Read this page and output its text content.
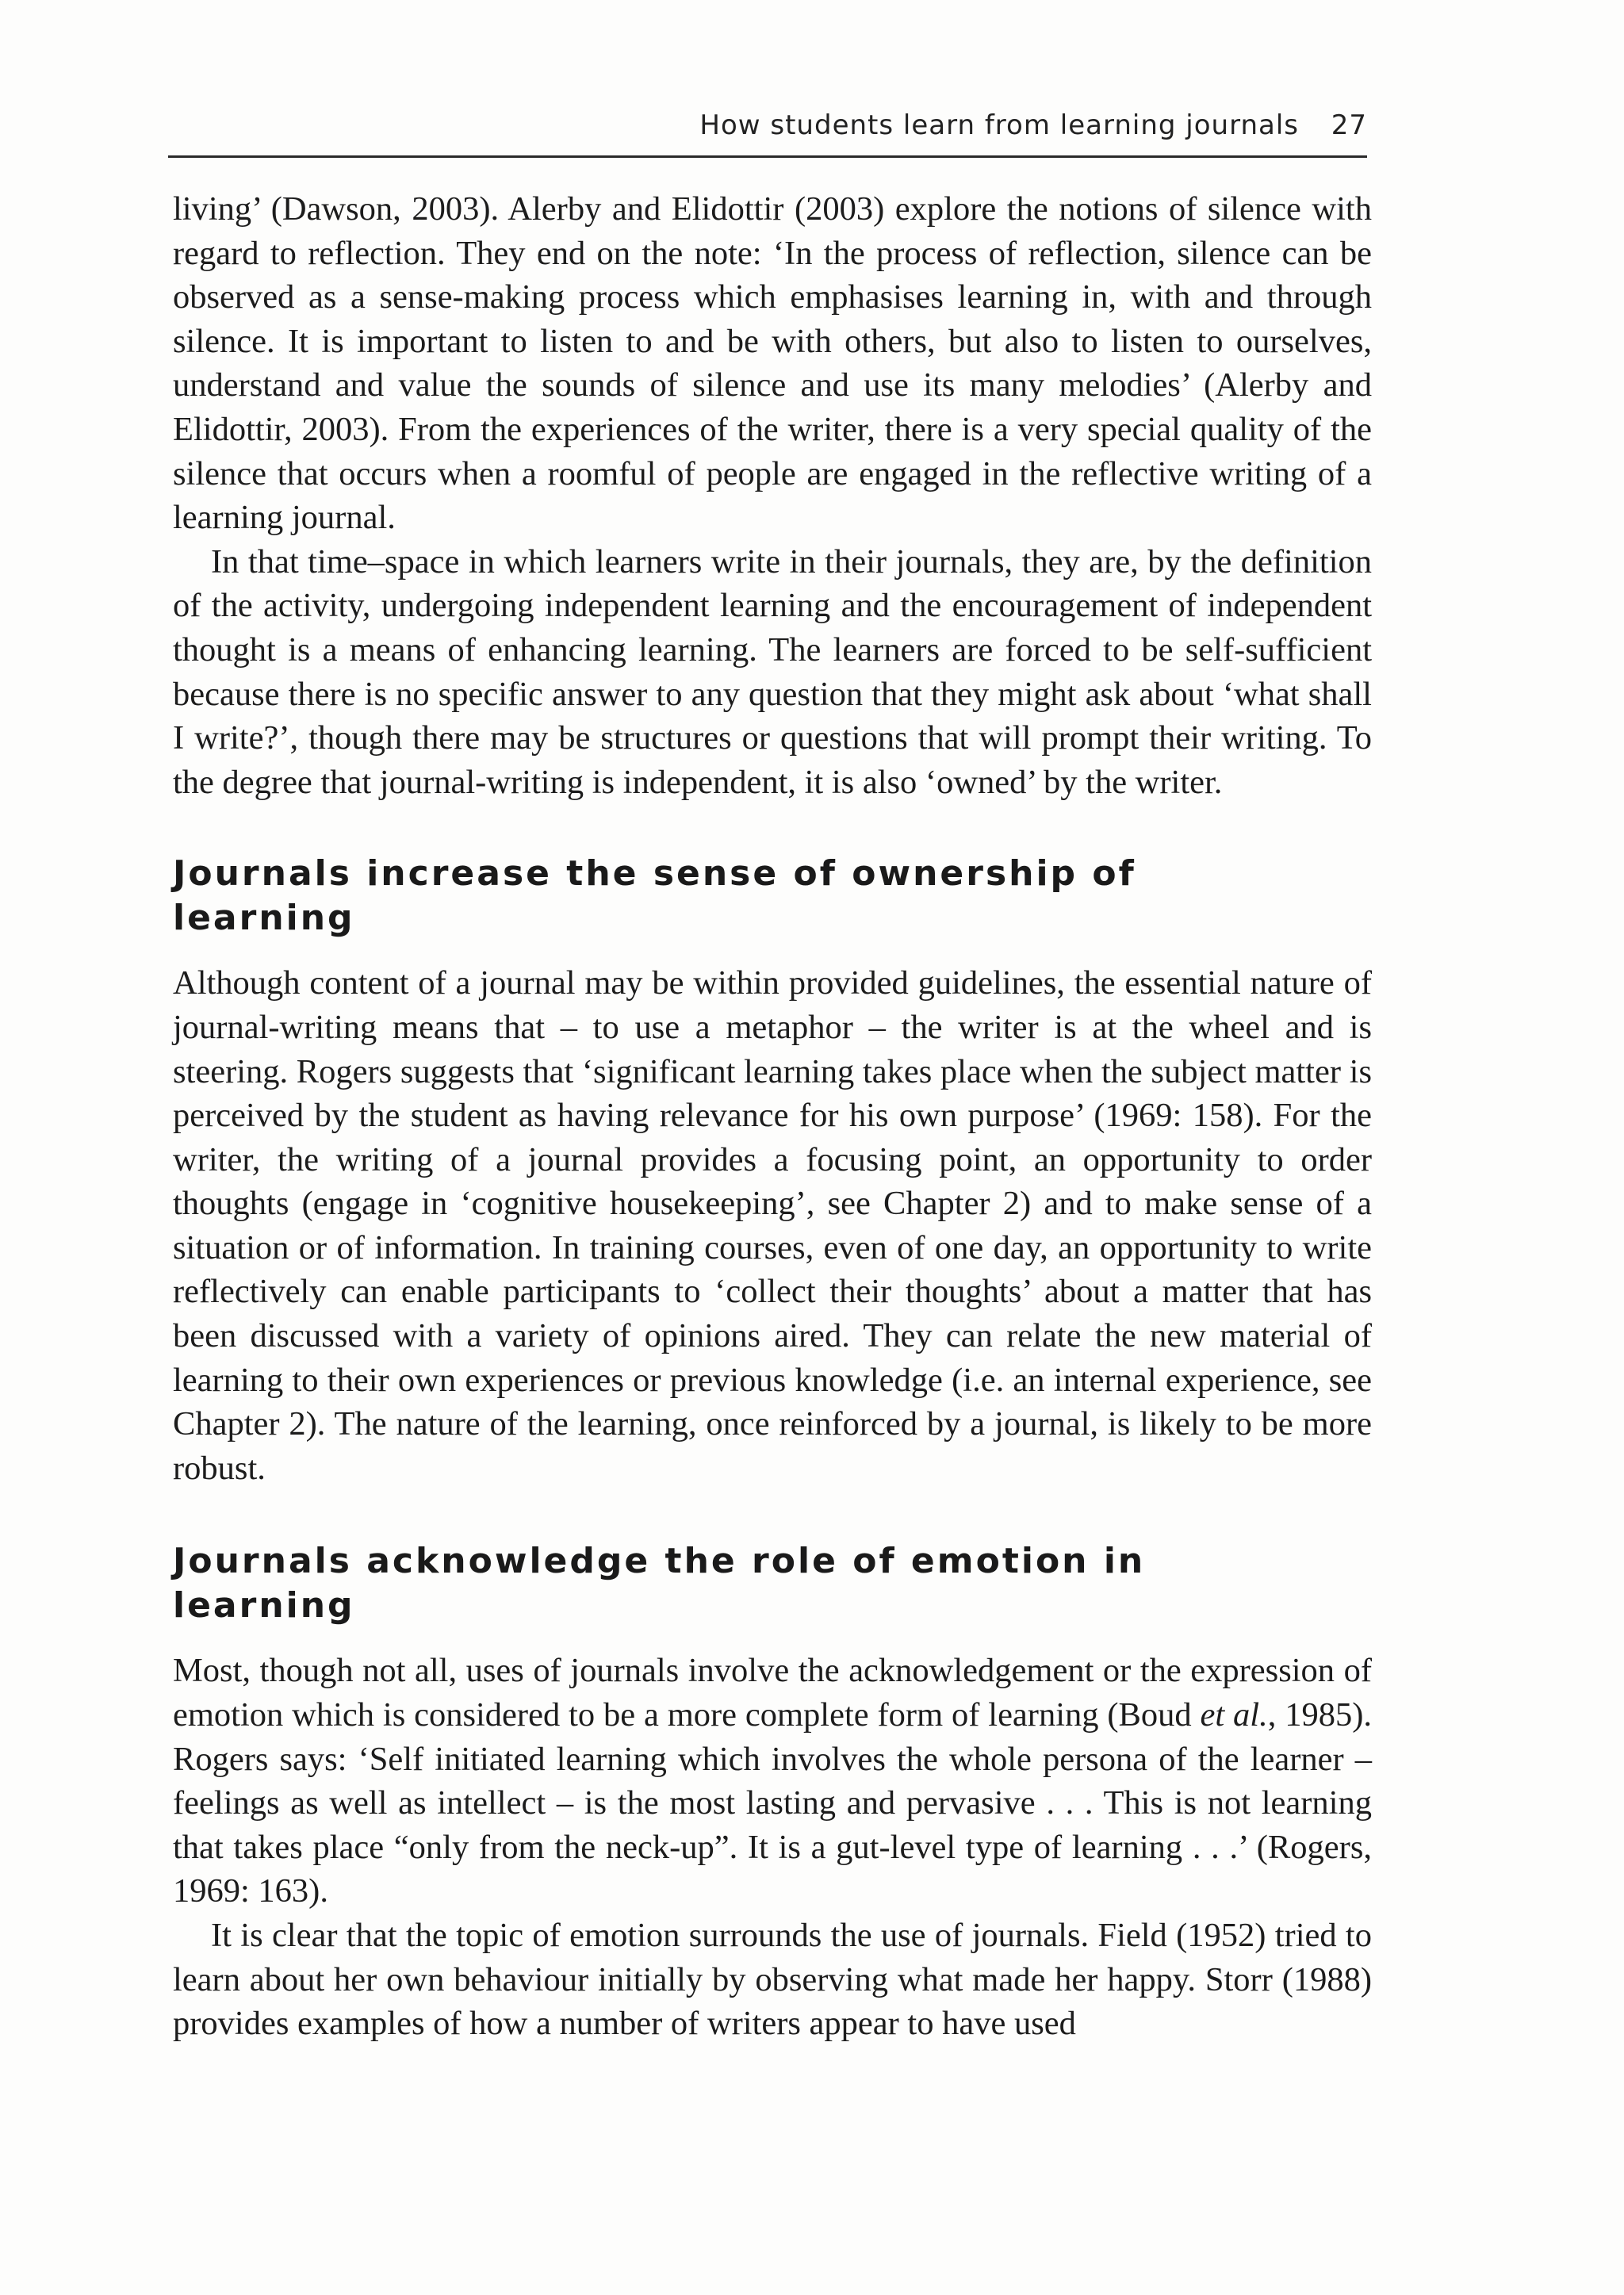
How students learn from learning journals 27

living’ (Dawson, 2003). Alerby and Elidottir (2003) explore the notions of silence with regard to reflection. They end on the note: ‘In the process of reflection, silence can be observed as a sense-making process which emphasises learning in, with and through silence. It is important to listen to and be with others, but also to listen to ourselves, understand and value the sounds of silence and use its many melodies’ (Alerby and Elidottir, 2003). From the experiences of the writer, there is a very special quality of the silence that occurs when a roomful of people are engaged in the reflective writing of a learning journal.

In that time–space in which learners write in their journals, they are, by the definition of the activity, undergoing independent learning and the encouragement of independent thought is a means of enhancing learning. The learners are forced to be self-sufficient because there is no specific answer to any question that they might ask about ‘what shall I write?’, though there may be structures or questions that will prompt their writing. To the degree that journal-writing is independent, it is also ‘owned’ by the writer.

Journals increase the sense of ownership of
learning

Although content of a journal may be within provided guidelines, the essential nature of journal-writing means that – to use a metaphor – the writer is at the wheel and is steering. Rogers suggests that ‘significant learning takes place when the subject matter is perceived by the student as having relevance for his own purpose’ (1969: 158). For the writer, the writing of a journal provides a focusing point, an opportunity to order thoughts (engage in ‘cognitive housekeeping’, see Chapter 2) and to make sense of a situation or of information. In training courses, even of one day, an opportunity to write reflectively can enable participants to ‘collect their thoughts’ about a matter that has been discussed with a variety of opinions aired. They can relate the new material of learning to their own experiences or previous knowledge (i.e. an internal experience, see Chapter 2). The nature of the learning, once reinforced by a journal, is likely to be more robust.

Journals acknowledge the role of emotion in
learning

Most, though not all, uses of journals involve the acknowledgement or the expression of emotion which is considered to be a more complete form of learning (Boud et al., 1985). Rogers says: ‘Self initiated learning which involves the whole persona of the learner – feelings as well as intellect – is the most lasting and pervasive . . . This is not learning that takes place “only from the neck-up”. It is a gut-level type of learning . . .’ (Rogers, 1969: 163).

It is clear that the topic of emotion surrounds the use of journals. Field (1952) tried to learn about her own behaviour initially by observing what made her happy. Storr (1988) provides examples of how a number of writers appear to have used
